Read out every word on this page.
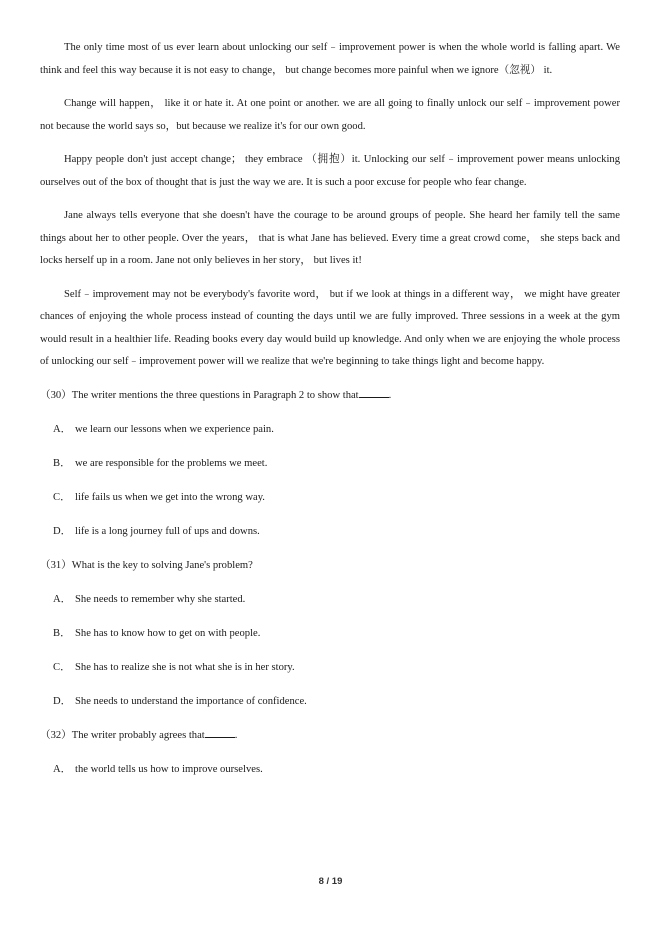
The only time most of us ever learn about unlocking our self﹣improvement power is when the whole world is falling apart. We think and feel this way because it is not easy to change， but change becomes more painful when we ignore（忽视） it.

Change will happen， like it or hate it. At one point or another. we are all going to finally unlock our self﹣improvement power not because the world says so，but because we realize it's for our own good.

Happy people don't just accept change； they embrace （拥抱）it. Unlocking our self﹣improvement power means unlocking ourselves out of the box of thought that is just the way we are. It is such a poor excuse for people who fear change.

Jane always tells everyone that she doesn't have the courage to be around groups of people. She heard her family tell the same things about her to other people. Over the years， that is what Jane has believed. Every time a great crowd come， she steps back and locks herself up in a room. Jane not only believes in her story， but lives it!

Self﹣improvement may not be everybody's favorite word， but if we look at things in a different way， we might have greater chances of enjoying the whole process instead of counting the days until we are fully improved. Three sessions in a week at the gym would result in a healthier life. Reading books every day would build up knowledge. And only when we are enjoying the whole process of unlocking our self﹣improvement power will we realize that we're beginning to take things light and become happy.

（30）The writer mentions the three questions in Paragraph 2 to show that	.
A． we learn our lessons when we experience pain.
B． we are responsible for the problems we meet.
C． life fails us when we get into the wrong way.
D． life is a long journey full of ups and downs.
（31）What is the key to solving Jane's problem?
A． She needs to remember why she started.
B． She has to know how to get on with people.
C． She has to realize she is not what she is in her story.
D． She needs to understand the importance of confidence.
（32）The writer probably agrees that	.
A． the world tells us how to improve ourselves.
8 / 19
